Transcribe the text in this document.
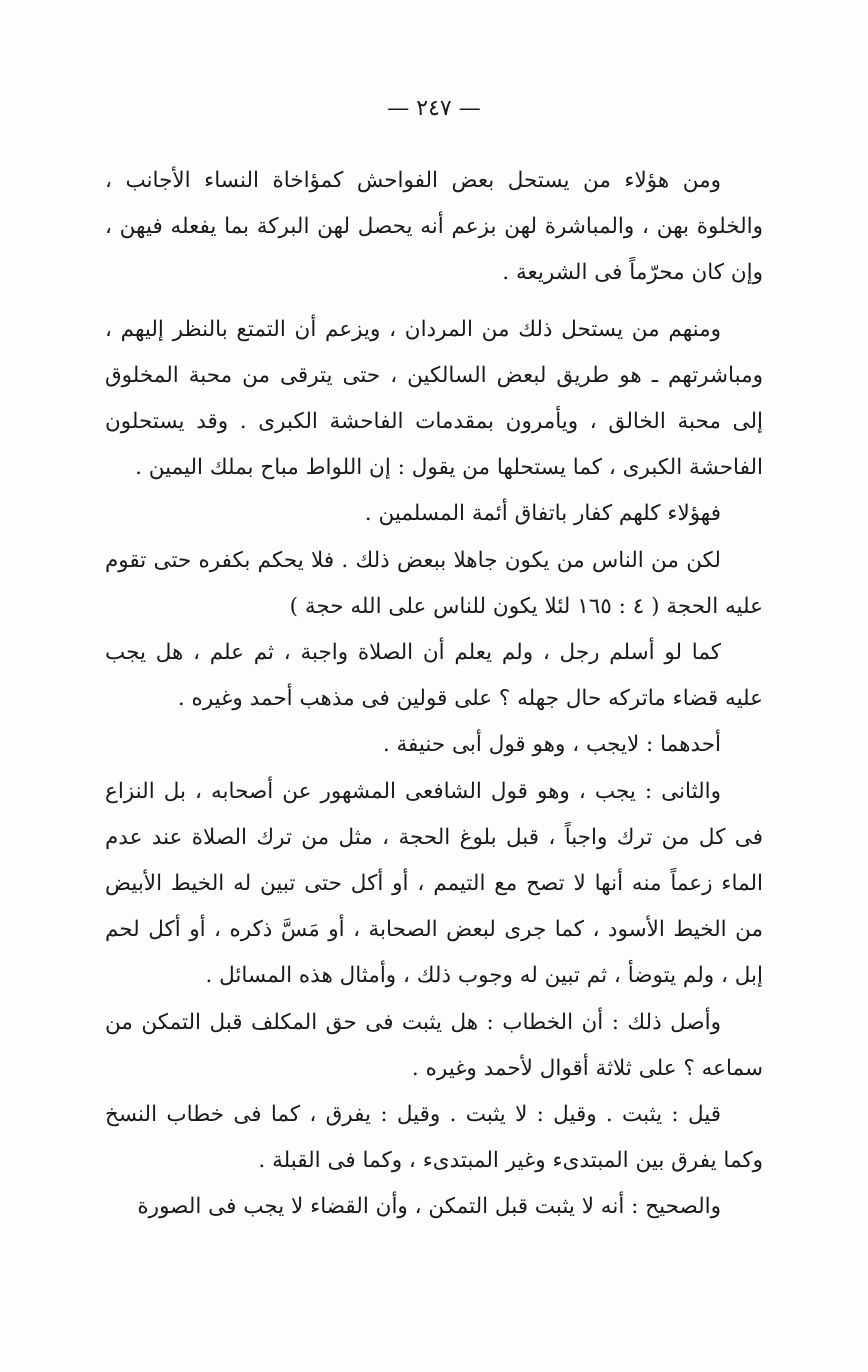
— ٢٤٧ —

ومن هؤلاء من يستحل بعض الفواحش كمؤاخاة النساء الأجانب ، والخلوة بهن ، والمباشرة لهن بزعم أنه يحصل لهن البركة بما يفعله فيهن ، وإن كان محرّماً فى الشريعة .

ومنهم من يستحل ذلك من المردان ، ويزعم أن التمتع بالنظر إليهم ، ومباشرتهم ـ هو طريق لبعض السالكين ، حتى يترقى من محبة المخلوق إلى محبة الخالق ، ويأمرون بمقدمات الفاحشة الكبرى . وقد يستحلون الفاحشة الكبرى ، كما يستحلها من يقول : إن اللواط مباح بملك اليمين .

فهؤلاء كلهم كفار باتفاق أئمة المسلمين .

لكن من الناس من يكون جاهلا ببعض ذلك . فلا يحكم بكفره حتى تقوم عليه الحجة ( ٤ : ١٦٥ لئلا يكون للناس على الله حجة )

كما لو أسلم رجل ، ولم يعلم أن الصلاة واجبة ، ثم علم ، هل يجب عليه قضاء ماتركه حال جهله ؟ على قولين فى مذهب أحمد وغيره .

أحدهما : لايجب ، وهو قول أبى حنيفة .

والثانى : يجب ، وهو قول الشافعى المشهور عن أصحابه ، بل النزاع فى كل من ترك واجباً ، قبل بلوغ الحجة ، مثل من ترك الصلاة عند عدم الماء زعماً منه أنها لا تصح مع التيمم ، أو أكل حتى تبين له الخيط الأبيض من الخيط الأسود ، كما جرى لبعض الصحابة ، أو مَسَّ ذكره ، أو أكل لحم إبل ، ولم يتوضأ ، ثم تبين له وجوب ذلك ، وأمثال هذه المسائل .

وأصل ذلك : أن الخطاب : هل يثبت فى حق المكلف قبل التمكن من سماعه ؟ على ثلاثة أقوال لأحمد وغيره .

قيل : يثبت . وقيل : لا يثبت . وقيل : يفرق ، كما فى خطاب النسخ وكما يفرق بين المبتدىء وغير المبتدىء ، وكما فى القبلة .

والصحيح : أنه لا يثبت قبل التمكن ، وأن القضاء لا يجب فى الصورة
